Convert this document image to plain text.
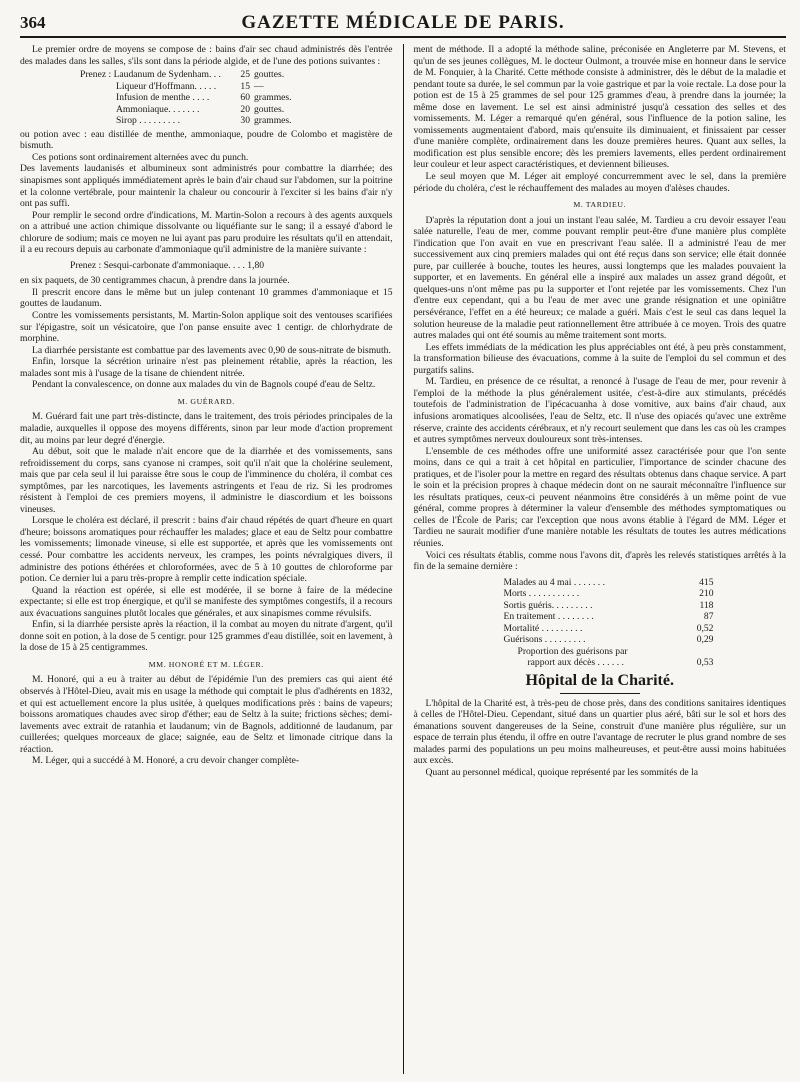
364	GAZETTE MÉDICALE DE PARIS.

Le premier ordre de moyens se compose de : bains d'air sec chaud administrés dès l'entrée des malades dans les salles, s'ils sont dans la période algide, et de l'une des potions suivantes :

Prenez : Laudanum de Sydenham. . .	25 gouttes.
Liqueur d'Hoffmann. . . . .	15 —
Infusion de menthe . . . .	60 grammes.
Ammoniaque. . . . . . .	20 gouttes.
Sirop . . . . . . . . .	30 grammes.

ou potion avec : eau distillée de menthe, ammoniaque, poudre de Colombo et magistère de bismuth.

Ces potions sont ordinairement alternées avec du punch.

Des lavements laudanisés et albumineux sont administrés pour combattre la diarrhée; des sinapismes sont appliqués immédiatement après le bain d'air chaud sur l'abdomen, sur la poitrine et la colonne vertébrale, pour maintenir la chaleur ou concourir à l'exciter si les bains d'air n'y ont pas suffi.

Pour remplir le second ordre d'indications, M. Martin-Solon a recours à des agents auxquels on a attribué une action chimique dissolvante ou liquéfiante sur le sang; il a essayé d'abord le chlorure de sodium; mais ce moyen ne lui ayant pas paru produire les résultats qu'il en attendait, il a eu recours depuis au carbonate d'ammoniaque qu'il administre de la manière suivante :

Prenez : Sesqui-carbonate d'ammoniaque. . . . 1,80

en six paquets, de 30 centigrammes chacun, à prendre dans la journée.

Il prescrit encore dans le même but un julep contenant 10 grammes d'ammoniaque et 15 gouttes de laudanum.

Contre les vomissements persistants, M. Martin-Solon applique soit des ventouses scarifiées sur l'épigastre, soit un vésicatoire, que l'on panse ensuite avec 1 centigr. de chlorhydrate de morphine.

La diarrhée persistante est combattue par des lavements avec 0,90 de sous-nitrate de bismuth.

Enfin, lorsque la sécrétion urinaire n'est pas pleinement rétablie, après la réaction, les malades sont mis à l'usage de la tisane de chiendent nitrée.

Pendant la convalescence, on donne aux malades du vin de Bagnols coupé d'eau de Seltz.

M. GUÉRARD.

M. Guérard fait une part très-distincte, dans le traitement, des trois périodes principales de la maladie, auxquelles il oppose des moyens différents, sinon par leur mode d'action proprement dit, au moins par leur degré d'énergie.

Au début, soit que le malade n'ait encore que de la diarrhée et des vomissements, sans refroidissement du corps, sans cyanose ni crampes, soit qu'il n'ait que la cholérine seulement, mais que par cela seul il lui paraisse être sous le coup de l'imminence du choléra, il combat ces symptômes, par les narcotiques, les lavements astringents et l'eau de riz. Si les prodromes résistent à l'emploi de ces premiers moyens, il administre le diascordium et les boissons vineuses.

Lorsque le choléra est déclaré, il prescrit : bains d'air chaud répétés de quart d'heure en quart d'heure; boissons aromatiques pour réchauffer les malades; glace et eau de Seltz pour combattre les vomissements; limonade vineuse, si elle est supportée, et après que les vomissements ont cessé. Pour combattre les accidents nerveux, les crampes, les points névralgiques divers, il administre des potions éthérées et chloroformées, avec de 5 à 10 gouttes de chloroforme par potion. Ce dernier lui a paru très-propre à remplir cette indication spéciale.

Quand la réaction est opérée, si elle est modérée, il se borne à faire de la médecine expectante; si elle est trop énergique, et qu'il se manifeste des symptômes congestifs, il a recours aux évacuations sanguines plutôt locales que générales, et aux sinapismes comme révulsifs.

Enfin, si la diarrhée persiste après la réaction, il la combat au moyen du nitrate d'argent, qu'il donne soit en potion, à la dose de 5 centigr. pour 125 grammes d'eau distillée, soit en lavement, à la dose de 15 à 25 centigrammes.

MM. HONORÉ ET M. LÉGER.

M. Honoré, qui a eu à traiter au début de l'épidémie l'un des premiers cas qui aient été observés à l'Hôtel-Dieu, avait mis en usage la méthode qui comptait le plus d'adhérents en 1832, et qui est actuellement encore la plus usitée, à quelques modifications près : bains de vapeurs; boissons aromatiques chaudes avec sirop d'éther; eau de Seltz à la suite; frictions sèches; demi-lavements avec extrait de ratanhia et laudanum; vin de Bagnols, additionné de laudanum, par cuillerées; quelques morceaux de glace; saignée, eau de Seltz et limonade citrique dans la réaction.

M. Léger, qui a succédé à M. Honoré, a cru devoir changer complète-

ment de méthode. Il a adopté la méthode saline, préconisée en Angleterre par M. Stevens, et qu'un de ses jeunes collègues, M. le docteur Oulmont, a trouvée mise en honneur dans le service de M. Fonquier, à la Charité. Cette méthode consiste à administrer, dès le début de la maladie et pendant toute sa durée, le sel commun par la voie gastrique et par la voie rectale. La dose pour la potion est de 15 à 25 grammes de sel pour 125 grammes d'eau, à prendre dans la journée; la même dose en lavement. Le sel est ainsi administré jusqu'à cessation des selles et des vomissements. M. Léger a remarqué qu'en général, sous l'influence de la potion saline, les vomissements augmentaient d'abord, mais qu'ensuite ils diminuaient, et finissaient par cesser d'une manière complète, ordinairement dans les douze premières heures. Quant aux selles, la modification est plus sensible encore; dès les premiers lavements, elles perdent ordinairement leur couleur et leur aspect caractéristiques, et deviennent bilieuses.

Le seul moyen que M. Léger ait employé concurremment avec le sel, dans la première période du choléra, c'est le réchauffement des malades au moyen d'alèses chaudes.

M. TARDIEU.

D'après la réputation dont a joui un instant l'eau salée, M. Tardieu a cru devoir essayer l'eau salée naturelle, l'eau de mer, comme pouvant remplir peut-être d'une manière plus complète l'indication que l'on avait en vue en prescrivant l'eau salée. Il a administré l'eau de mer successivement aux cinq premiers malades qui ont été reçus dans son service; elle était donnée pure, par cuillerée à bouche, toutes les heures, aussi longtemps que les malades pouvaient la supporter, et en lavements. En général elle a inspiré aux malades un assez grand dégoût, et quelques-uns n'ont même pas pu la supporter et l'ont rejetée par les vomissements. Chez l'un d'entre eux cependant, qui a bu l'eau de mer avec une grande résignation et une opiniâtre persévérance, l'effet en a été heureux; ce malade a guéri. Mais c'est le seul cas dans lequel la solution heureuse de la maladie peut rationnellement être attribuée à ce moyen. Trois des quatre autres malades qui ont été soumis au même traitement sont morts.

Les effets immédiats de la médication les plus appréciables ont été, à peu près constamment, la transformation bilieuse des évacuations, comme à la suite de l'emploi du sel commun et des purgatifs salins.

M. Tardieu, en présence de ce résultat, a renoncé à l'usage de l'eau de mer, pour revenir à l'emploi de la méthode la plus généralement usitée, c'est-à-dire aux stimulants, précédés toutefois de l'administration de l'ipécacuanha à dose vomitive, aux bains d'air chaud, aux infusions aromatiques alcoolisées, l'eau de Seltz, etc. Il n'use des opiacés qu'avec une extrême réserve, crainte des accidents cérébraux, et n'y recourt seulement que dans les cas où les crampes et autres symptômes nerveux douloureux sont très-intenses.

L'ensemble de ces méthodes offre une uniformité assez caractérisée pour que l'on sente moins, dans ce qui a trait à cet hôpital en particulier, l'importance de scinder chacune des pratiques, et de l'isoler pour la mettre en regard des résultats obtenus dans chaque service. A part le soin et la précision propres à chaque médecin dont on ne saurait méconnaître l'influence sur les résultats pratiques, ceux-ci peuvent néanmoins être considérés à un même point de vue général, comme propres à déterminer la valeur d'ensemble des méthodes symptomatiques ou celles de l'École de Paris; car l'exception que nous avons établie à l'égard de MM. Léger et Tardieu ne saurait modifier d'une manière notable les résultats de toutes les autres médications réunies.

Voici ces résultats établis, comme nous l'avons dit, d'après les relevés statistiques arrêtés à la fin de la semaine dernière :

Malades au 4 mai . . . . . . .	415
Morts . . . . . . . . . . .	210
Sortis guéris. . . . . . . . .	118
En traitement . . . . . . . .	87
Mortalité . . . . . . . . .	0,52
Guérisons . . . . . . . . .	0,29
Proportion des guérisons par
rapport aux décès . . . . . .	0,53
Hôpital de la Charité.

L'hôpital de la Charité est, à très-peu de chose près, dans des conditions sanitaires identiques à celles de l'Hôtel-Dieu. Cependant, situé dans un quartier plus aéré, bâti sur le sol et hors des émanations souvent dangereuses de la Seine, construit d'une manière plus régulière, sur un espace de terrain plus étendu, il offre en outre l'avantage de recruter le plus grand nombre de ses malades parmi des populations un peu moins malheureuses, et peut-être aussi moins habituées aux excès.

Quant au personnel médical, quoique représenté par les sommités de la
